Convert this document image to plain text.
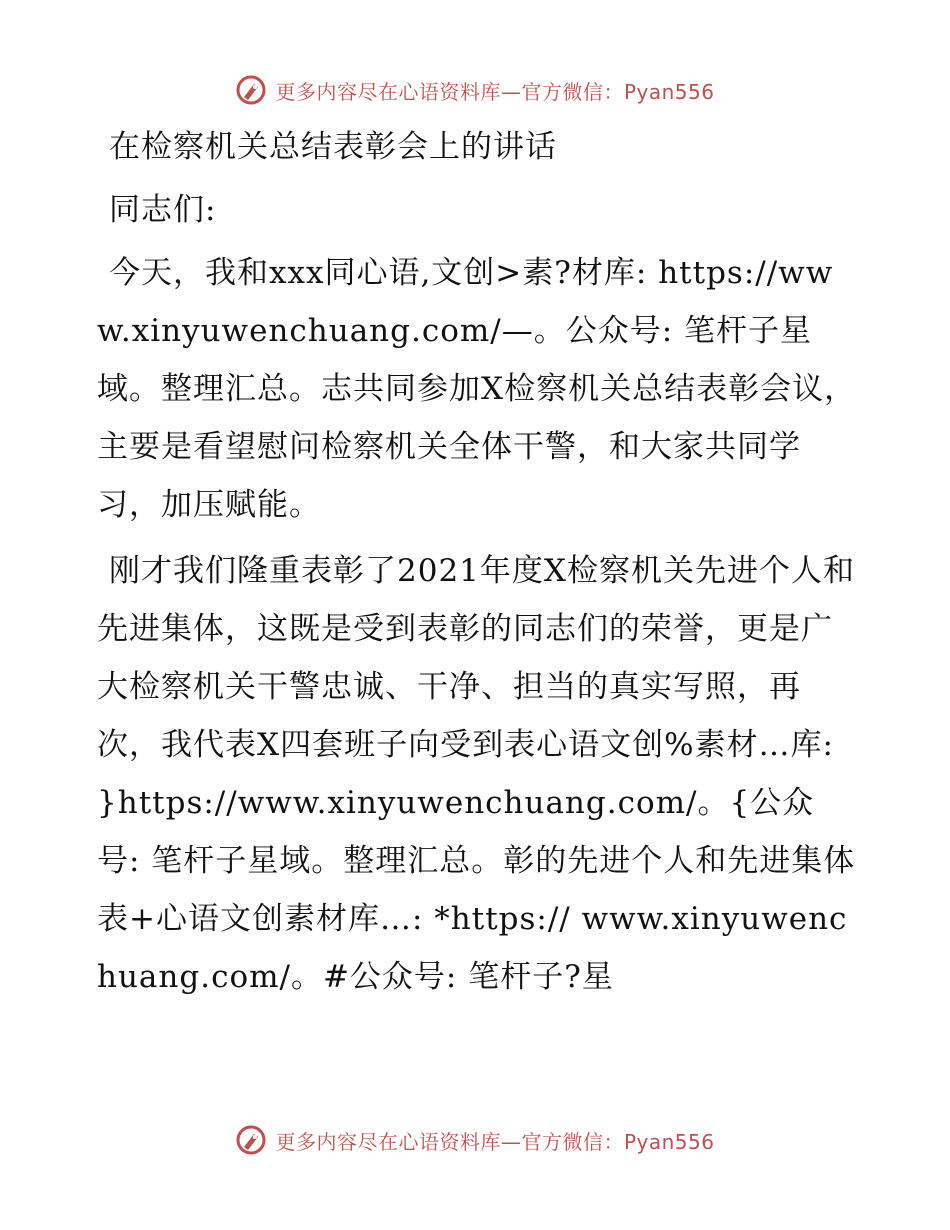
更多内容尽在心语资料库—官方微信：Pyan556
在检察机关总结表彰会上的讲话

同志们:

今天，我和xxx同心语,文创>素?材库: https://www.xinyuwenchuang.com/—。公众号: 笔杆子星域。整理汇总。志共同参加X检察机关总结表彰会议，主要是看望慰问检察机关全体干警，和大家共同学习，加压赋能。

刚才我们隆重表彰了2021年度X检察机关先进个人和先进集体，这既是受到表彰的同志们的荣誉，更是广大检察机关干警忠诚、干净、担当的真实写照，再次，我代表X四套班子向受到表心语文创%素材…库: }https://www.xinyuwenchuang.com/。{公众号: 笔杆子星域。整理汇总。彰的先进个人和先进集体表+心语文创素材库…: *https:// www.xinyuwenchuang.com/。#公众号: 笔杆子?星

更多内容尽在心语资料库—官方微信：Pyan556
